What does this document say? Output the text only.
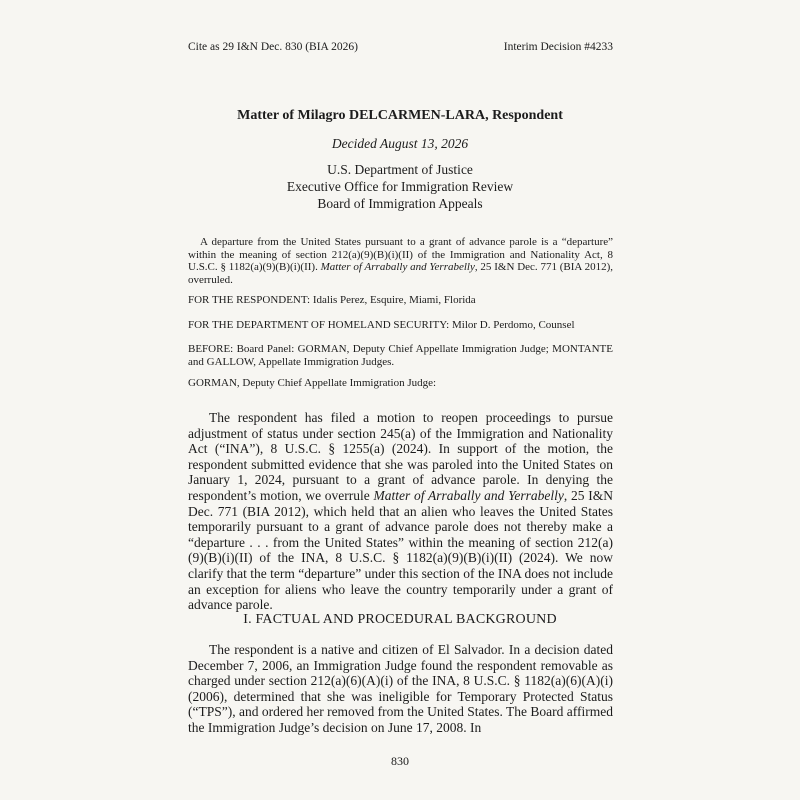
Cite as 29 I&N Dec. 830 (BIA 2026)	Interim Decision #4233
Matter of Milagro DELCARMEN-LARA, Respondent
Decided August 13, 2026
U.S. Department of Justice
Executive Office for Immigration Review
Board of Immigration Appeals
A departure from the United States pursuant to a grant of advance parole is a “departure” within the meaning of section 212(a)(9)(B)(i)(II) of the Immigration and Nationality Act, 8 U.S.C. § 1182(a)(9)(B)(i)(II). Matter of Arrabally and Yerrabelly, 25 I&N Dec. 771 (BIA 2012), overruled.
FOR THE RESPONDENT: Idalis Perez, Esquire, Miami, Florida
FOR THE DEPARTMENT OF HOMELAND SECURITY: Milor D. Perdomo, Counsel
BEFORE: Board Panel: GORMAN, Deputy Chief Appellate Immigration Judge; MONTANTE and GALLOW, Appellate Immigration Judges.
GORMAN, Deputy Chief Appellate Immigration Judge:
The respondent has filed a motion to reopen proceedings to pursue adjustment of status under section 245(a) of the Immigration and Nationality Act (“INA”), 8 U.S.C. § 1255(a) (2024). In support of the motion, the respondent submitted evidence that she was paroled into the United States on January 1, 2024, pursuant to a grant of advance parole. In denying the respondent’s motion, we overrule Matter of Arrabally and Yerrabelly, 25 I&N Dec. 771 (BIA 2012), which held that an alien who leaves the United States temporarily pursuant to a grant of advance parole does not thereby make a “departure . . . from the United States” within the meaning of section 212(a)(9)(B)(i)(II) of the INA, 8 U.S.C. § 1182(a)(9)(B)(i)(II) (2024). We now clarify that the term “departure” under this section of the INA does not include an exception for aliens who leave the country temporarily under a grant of advance parole.
I. FACTUAL AND PROCEDURAL BACKGROUND
The respondent is a native and citizen of El Salvador. In a decision dated December 7, 2006, an Immigration Judge found the respondent removable as charged under section 212(a)(6)(A)(i) of the INA, 8 U.S.C. § 1182(a)(6)(A)(i) (2006), determined that she was ineligible for Temporary Protected Status (“TPS”), and ordered her removed from the United States. The Board affirmed the Immigration Judge’s decision on June 17, 2008. In
830
